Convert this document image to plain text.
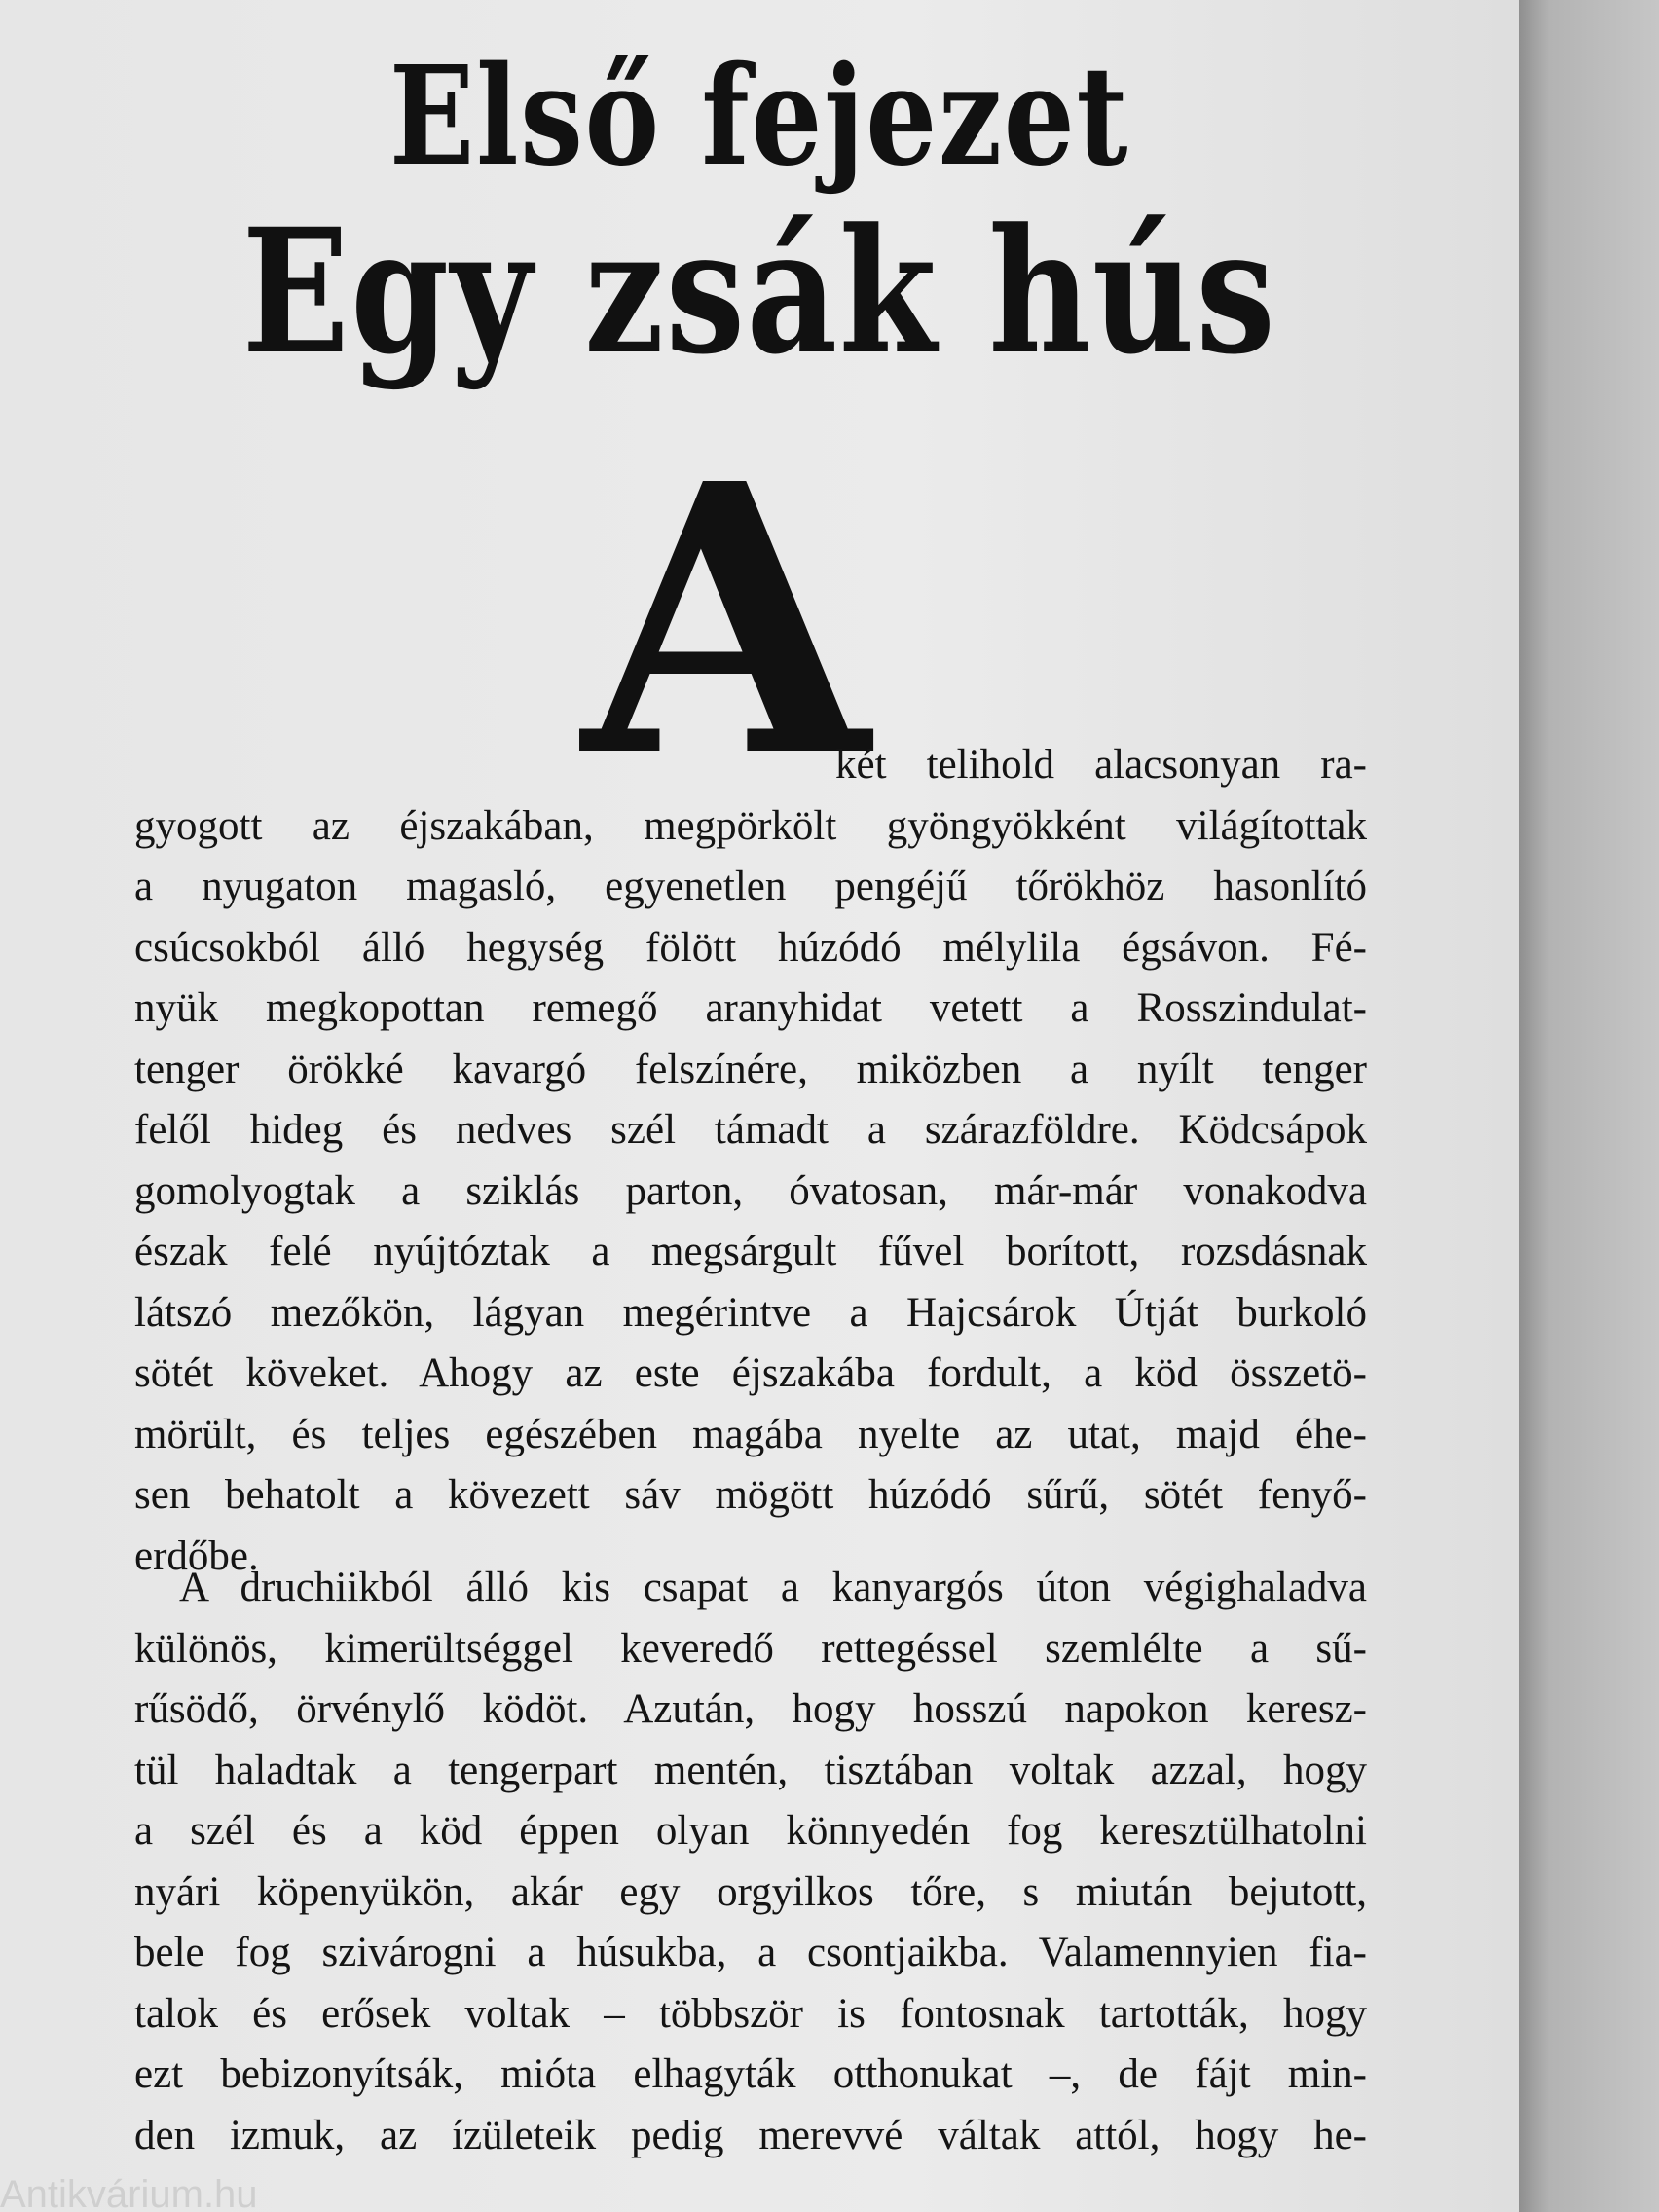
Első fejezet
Egy zsák hús
A
két telihold alacsonyan ra-
gyogott az éjszakában, megpörkölt gyöngyökként világítottak
a nyugaton magasló, egyenetlen pengéjű tőrökhöz hasonlító
csúcsokból álló hegység fölött húzódó mélylila égsávon. Fé-
nyük megkopottan remegő aranyhidat vetett a Rosszindulat-
tenger örökké kavargó felszínére, miközben a nyílt tenger
felől hideg és nedves szél támadt a szárazföldre. Ködcsápok
gomolyogtak a sziklás parton, óvatosan, már-már vonakodva
észak felé nyújtóztak a megsárgult fűvel borított, rozsdásnak
látszó mezőkön, lágyan megérintve a Hajcsárok Útját burkoló
sötét köveket. Ahogy az este éjszakába fordult, a köd összetö-
mörült, és teljes egészében magába nyelte az utat, majd éhe-
sen behatolt a kövezett sáv mögött húzódó sűrű, sötét fenyő-
erdőbe.
A druchiikból álló kis csapat a kanyargós úton végighaladva
különös, kimerültséggel keveredő rettegéssel szemlélte a sű-
rűsödő, örvénylő ködöt. Azután, hogy hosszú napokon keresz-
tül haladtak a tengerpart mentén, tisztában voltak azzal, hogy
a szél és a köd éppen olyan könnyedén fog keresztülhatolni
nyári köpenyükön, akár egy orgyilkos tőre, s miután bejutott,
bele fog szivárogni a húsukba, a csontjaikba. Valamennyien fia-
talok és erősek voltak – többször is fontosnak tartották, hogy
ezt bebizonyítsák, mióta elhagyták otthonukat –, de fájt min-
den izmuk, az ízületeik pedig merevvé váltak attól, hogy he-
Antikvárium.hu
